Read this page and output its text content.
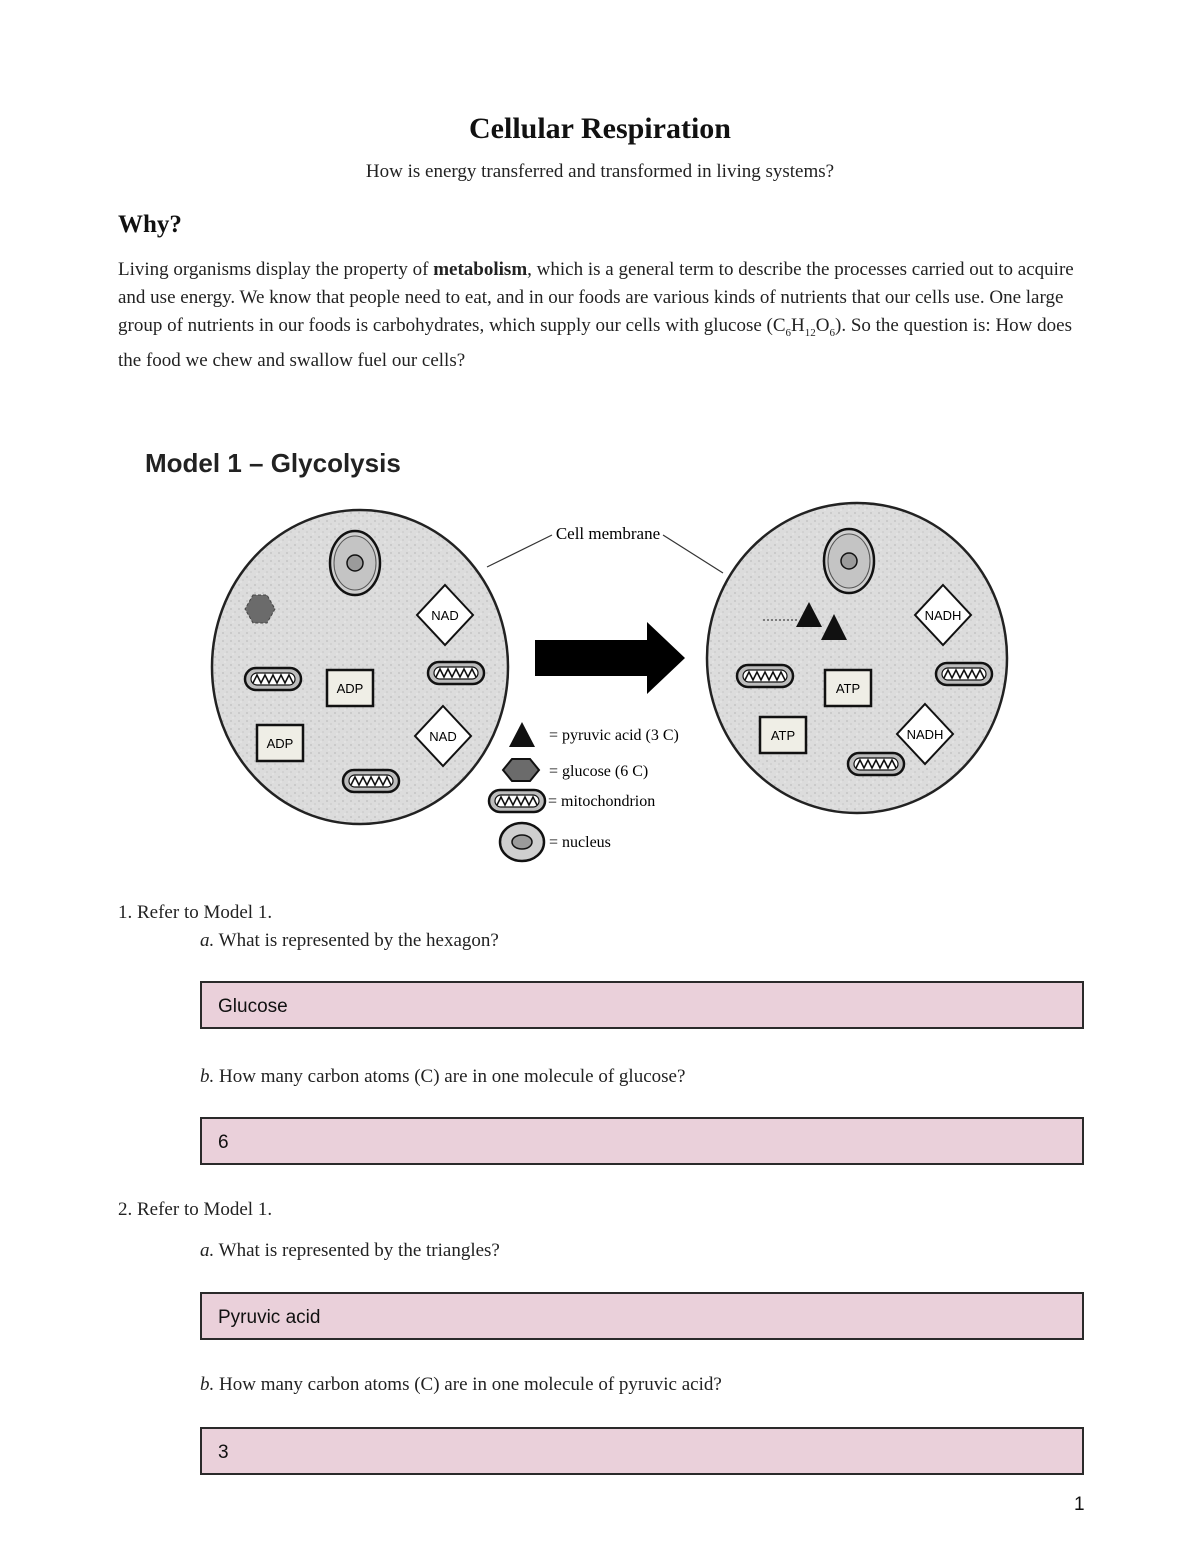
Cellular Respiration
How is energy transferred and transformed in living systems?
Why?
Living organisms display the property of metabolism, which is a general term to describe the processes carried out to acquire and use energy. We know that people need to eat, and in our foods are various kinds of nutrients that our cells use. One large group of nutrients in our foods is carbohydrates, which supply our cells with glucose $(C_6H_{12}O_6)$. So the question is: How does the food we chew and swallow fuel our cells?
Model 1 – Glycolysis
NAD
NAD
ADP
ADP
NADH
NADH
ATP
ATP
Cell membrane
= pyruvic acid (3 C)
= glucose (6 C)
= mitochondrion
= nucleus
1. Refer to Model 1.
a. What is represented by the hexagon?
Glucose
b. How many carbon atoms (C) are in one molecule of glucose?
6
2. Refer to Model 1.
a. What is represented by the triangles?
Pyruvic acid
b. How many carbon atoms (C) are in one molecule of pyruvic acid?
3
1
